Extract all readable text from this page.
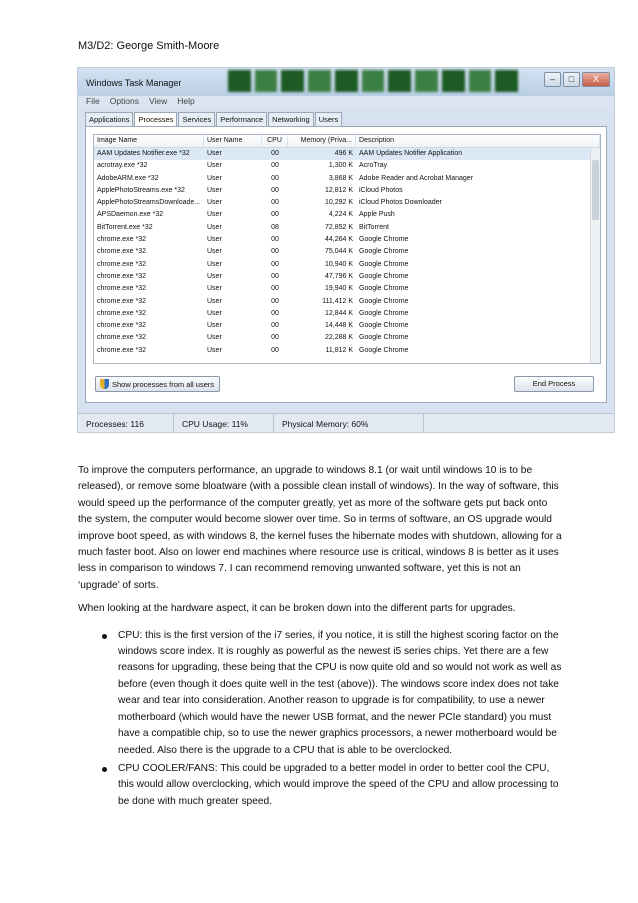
M3/D2: George Smith-Moore
Windows Task Manager	–	□	X
File Options View Help
Applications	Processes	Services	Performance	Networking	Users
Image Name	User Name	CPU	Memory (Priva...	Description
AAM Updates Notifier.exe *32	User	00	496 K AAM Updates Notifier Application
acrotray.exe *32	User	00	1,300 K AcroTray
AdobeARM.exe *32	User	00	3,868 K Adobe Reader and Acrobat Manager
ApplePhotoStreams.exe *32	User	00	12,812 K iCloud Photos
ApplePhotoStreamsDownloade... User	00	10,292 K iCloud Photos Downloader
APSDaemon.exe *32	User	00	4,224 K Apple Push
BitTorrent.exe *32	User	08	72,852 K BitTorrent
chrome.exe *32	User	00	44,264 K Google Chrome
chrome.exe *32	User	00	75,044 K Google Chrome
chrome.exe *32	User	00	10,940 K Google Chrome
chrome.exe *32	User	00	47,796 K Google Chrome
chrome.exe *32	User	00	19,940 K Google Chrome
chrome.exe *32	User	00	111,412 K Google Chrome
chrome.exe *32	User	00	12,844 K Google Chrome
chrome.exe *32	User	00	14,448 K Google Chrome
chrome.exe *32	User	00	22,288 K Google Chrome
chrome.exe *32	User	00	11,812 K Google Chrome
Show processes from all users	End Process
Processes: 116	CPU Usage: 11%	Physical Memory: 60%

To improve the computers performance, an upgrade to windows 8.1 (or wait until windows 10 is to be released), or remove some bloatware (with a possible clean install of windows). In the way of software, this would speed up the performance of the computer greatly, yet as more of the software gets put back onto the system, the computer would become slower over time. So in terms of software, an OS upgrade would improve boot speed, as with windows 8, the kernel fuses the hibernate modes with shutdown, allowing for a much faster boot. Also on lower end machines where resource use is critical, windows 8 is better as it uses less in comparison to windows 7. I can recommend removing unwanted software, yet this is not an ‘upgrade’ of sorts.

When looking at the hardware aspect, it can be broken down into the different parts for upgrades.

CPU: this is the first version of the i7 series, if you notice, it is still the highest scoring factor on the windows score index. It is roughly as powerful as the newest i5 series chips. Yet there are a few reasons for upgrading, these being that the CPU is now quite old and so would not work as well as before (even though it does quite well in the test (above)). The windows score index does not take wear and tear into consideration. Another reason to upgrade is for compatibility, to use a newer motherboard (which would have the newer USB format, and the newer PCIe standard) you must have a compatible chip, so to use the newer graphics processors, a newer motherboard would be needed. Also there is the upgrade to a CPU that is able to be overclocked.
CPU COOLER/FANS: This could be upgraded to a better model in order to better cool the CPU, this would allow overclocking, which would improve the speed of the CPU and allow processing to be done with much greater speed.
